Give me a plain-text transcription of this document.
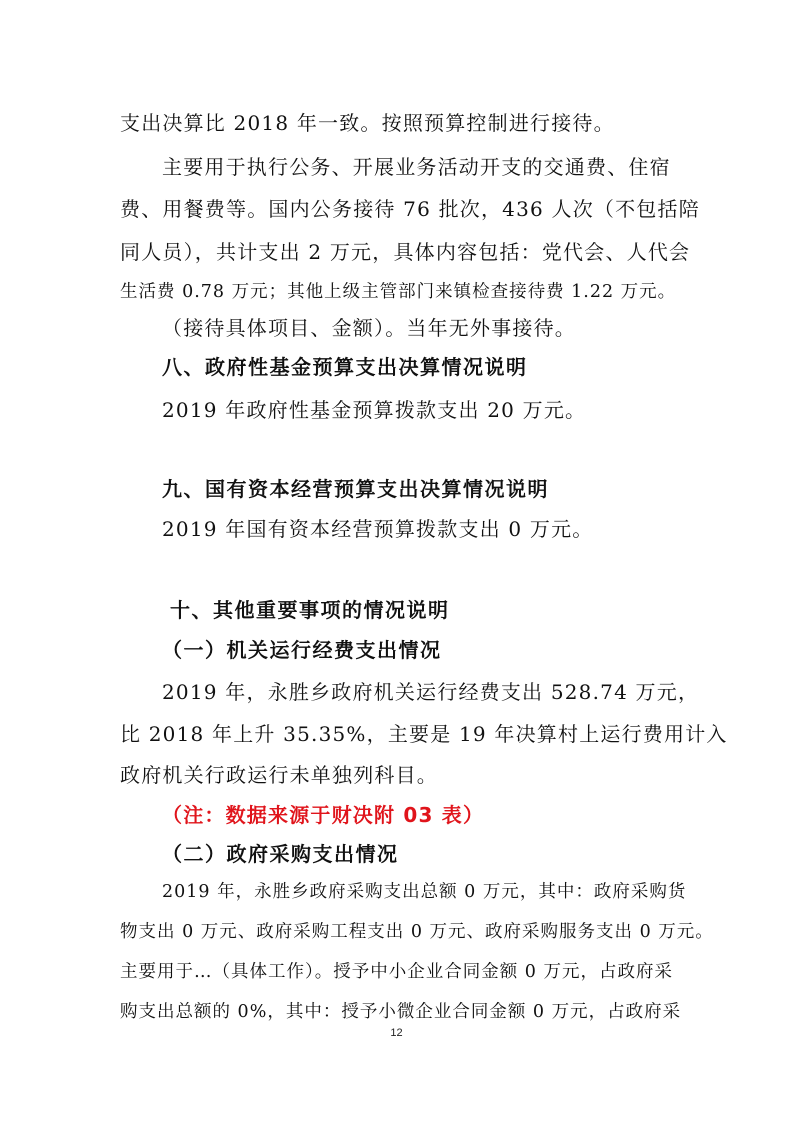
支出决算比 2018 年一致。按照预算控制进行接待。
主要用于执行公务、开展业务活动开支的交通费、住宿
费、用餐费等。国内公务接待 76 批次，436 人次（不包括陪
同人员），共计支出 2 万元，具体内容包括：党代会、人代会
生活费 0.78 万元；其他上级主管部门来镇检查接待费 1.22 万元。
（接待具体项目、金额）。当年无外事接待。
八、政府性基金预算支出决算情况说明
2019 年政府性基金预算拨款支出 20 万元。
九、国有资本经营预算支出决算情况说明
2019 年国有资本经营预算拨款支出 0 万元。
十、其他重要事项的情况说明
（一）机关运行经费支出情况
2019 年，永胜乡政府机关运行经费支出 528.74 万元，
比 2018 年上升 35.35%，主要是 19 年决算村上运行费用计入
政府机关行政运行未单独列科目。
（注：数据来源于财决附 03 表）
（二）政府采购支出情况
2019 年，永胜乡政府采购支出总额 0 万元，其中：政府采购货
物支出 0 万元、政府采购工程支出 0 万元、政府采购服务支出 0 万元。
主要用于…（具体工作）。授予中小企业合同金额 0 万元，占政府采
购支出总额的 0%，其中：授予小微企业合同金额 0 万元，占政府采
12
